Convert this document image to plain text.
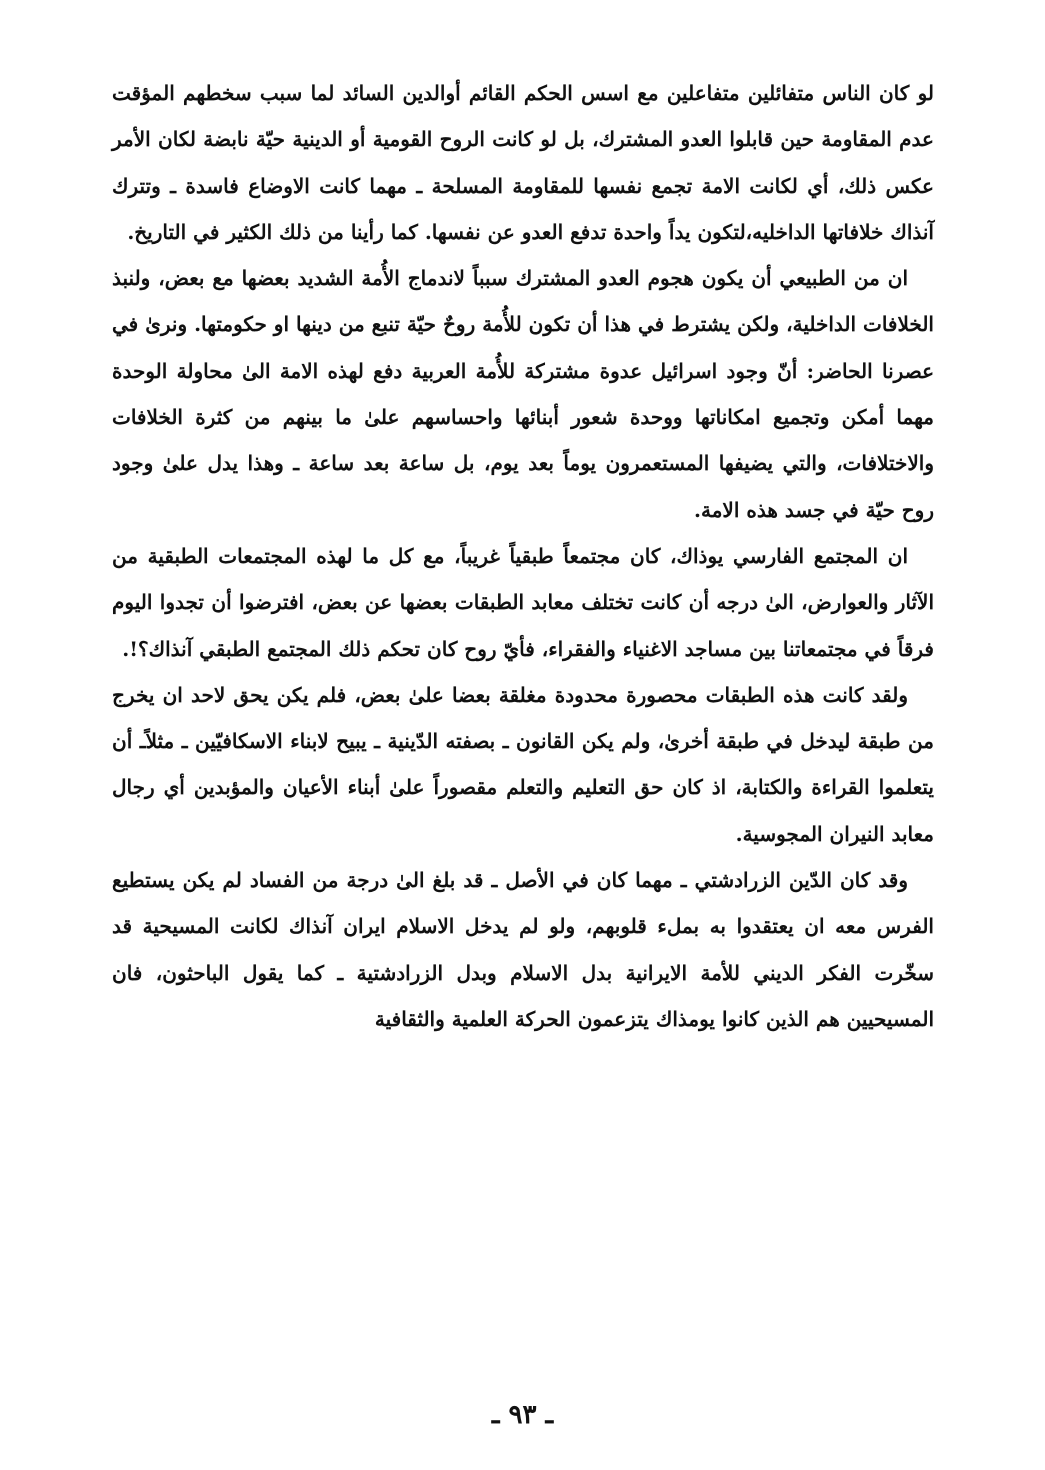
لو كان الناس متفائلين متفاعلين مع اسس الحكم القائم أوالدين السائد لما سبب سخطهم المؤقت عدم المقاومة حين قابلوا العدو المشترك، بل لو كانت الروح القومية أو الدينية حيّة نابضة لكان الأمر عكس ذلك، أي لكانت الامة تجمع نفسها للمقاومة المسلحة ـ مهما كانت الاوضاع فاسدة ـ وتترك آنذاك خلافاتها الداخليه،لتكون يداً واحدة تدفع العدو عن نفسها. كما رأينا من ذلك الكثير في التاريخ.

ان من الطبيعي أن يكون هجوم العدو المشترك سبباً لاندماج الأُمة الشديد بعضها مع بعض، ولنبذ الخلافات الداخلية، ولكن يشترط في هذا أن تكون للأُمة روحٌ حيّة تنبع من دينها او حكومتها. ونرىٰ في عصرنا الحاضر: أنّ وجود اسرائيل عدوة مشتركة للأُمة العربية دفع لهذه الامة الىٰ محاولة الوحدة مهما أمكن وتجميع امكاناتها ووحدة شعور أبنائها واحساسهم علىٰ ما بينهم من كثرة الخلافات والاختلافات، والتي يضيفها المستعمرون يوماً بعد يوم، بل ساعة بعد ساعة ـ وهذا يدل علىٰ وجود روح حيّة في جسد هذه الامة.

ان المجتمع الفارسي يوذاك، كان مجتمعاً طبقياً غريباً، مع كل ما لهذه المجتمعات الطبقية من الآثار والعوارض، الىٰ درجه أن كانت تختلف معابد الطبقات بعضها عن بعض، افترضوا أن تجدوا اليوم فرقاً في مجتمعاتنا بين مساجد الاغنياء والفقراء، فأيّ روح كان تحكم ذلك المجتمع الطبقي آنذاك؟!.

ولقد كانت هذه الطبقات محصورة محدودة مغلقة بعضا علىٰ بعض، فلم يكن يحق لاحد ان يخرج من طبقة ليدخل في طبقة أخرىٰ، ولم يكن القانون ـ بصفته الدّينية ـ يبيح لابناء الاسكافيّين ـ مثلاًـ أن يتعلموا القراءة والكتابة، اذ كان حق التعليم والتعلم مقصوراً علىٰ أبناء الأعيان والمؤبدين أي رجال معابد النيران المجوسية.

وقد كان الدّين الزرادشتي ـ مهما كان في الأصل ـ قد بلغ الىٰ درجة من الفساد لم يكن يستطيع الفرس معه ان يعتقدوا به بملء قلوبهم، ولو لم يدخل الاسلام ايران آنذاك لكانت المسيحية قد سخّرت الفكر الديني للأمة الايرانية بدل الاسلام وبدل الزرادشتية ـ كما يقول الباحثون، فان المسيحيين هم الذين كانوا يومذاك يتزعمون الحركة العلمية والثقافية

ـ ٩٣ ـ
